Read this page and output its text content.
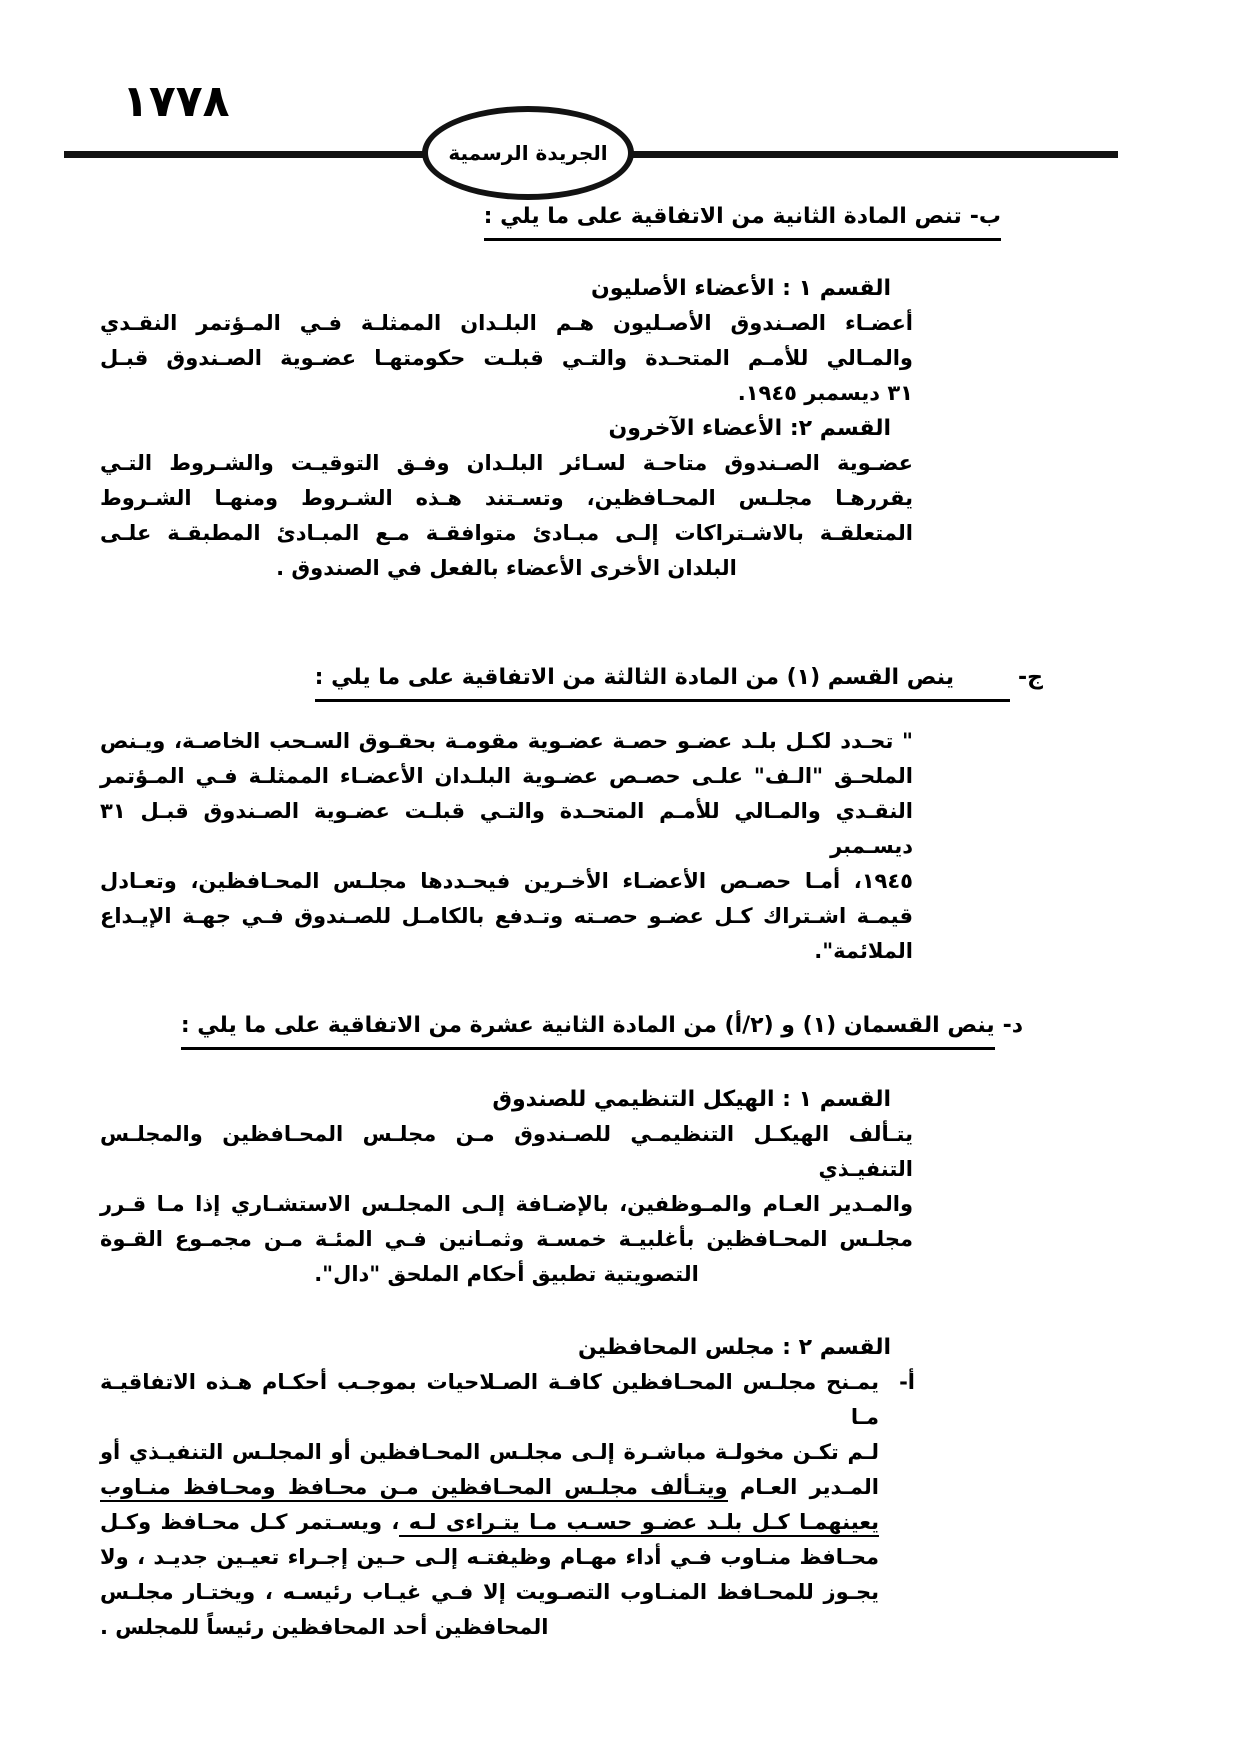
١٧٧٨
الجريدة الرسمية
ب-تنص المادة الثانية من الاتفاقية على ما يلي :
القسم ١ : الأعضاء الأصليون
أعضـاء الصـندوق الأصـليون هـم البلـدان الممثلـة فـي المـؤتمر النقـدي
والمـالي للأمـم المتحـدة والتـي قبلـت حكومتهـا عضـوية الصـندوق قبـل
٣١ ديسمبر ١٩٤٥.
القسم ٢: الأعضاء الآخرون
عضـوية الصـندوق متاحـة لسـائر البلـدان وفـق التوقيـت والشـروط التـي
يقررهـا مجلـس المحـافظين، وتسـتند هـذه الشـروط ومنهـا الشـروط
المتعلقـة بالاشـتراكات إلـى مبـادئ متوافقـة مـع المبـادئ المطبقـة علـى
البلدان الأخرى الأعضاء بالفعل في الصندوق .
ج-ينص القسم (١) من المادة الثالثة من الاتفاقية على ما يلي :
" تحـدد لكـل بلـد عضـو حصـة عضـوية مقومـة بحقـوق السـحب الخاصـة، ويـنص
الملحـق "الـف" علـى حصـص عضـوية البلـدان الأعضـاء الممثلـة فـي المـؤتمر
النقـدي والمـالي للأمـم المتحـدة والتـي قبلـت عضـوية الصـندوق قبـل ٣١ ديسـمبر
١٩٤٥، أمـا حصـص الأعضـاء الأخـرين فيحـددها مجلـس المحـافظين، وتعـادل
قيمـة اشـتراك كـل عضـو حصـته وتـدفع بالكامـل للصـندوق فـي جهـة الإيـداع
الملائمة".
د-ينص القسمان (١) و (٢/أ) من المادة الثانية عشرة من الاتفاقية على ما يلي :
القسم ١ : الهيكل التنظيمي للصندوق
يتـألف الهيكـل التنظيمـي للصـندوق مـن مجلـس المحـافظين والمجلـس التنفيـذي
والمـدير العـام والمـوظفين، بالإضـافة إلـى المجلـس الاستشـاري إذا مـا قـرر
مجلـس المحـافظين بأغلبيـة خمسـة وثمـانين فـي المئـة مـن مجمـوع القـوة
التصويتية تطبيق أحكام الملحق "دال".
القسم ٢ : مجلس المحافظين
أ-
يمـنح مجلـس المحـافظين كافـة الصـلاحيات بموجـب أحكـام هـذه الاتفاقيـة مـا
لـم تكـن مخولـة مباشـرة إلـى مجلـس المحـافظين أو المجلـس التنفيـذي أو
المـدير العـام ويتـألف مجلـس المحـافظين مـن محـافظ ومحـافظ منـاوب
يعينهمـا كـل بلـد عضـو حسـب مـا يتـراءى لـه ، ويسـتمر كـل محـافظ وكـل
محـافظ منـاوب فـي أداء مهـام وظيفتـه إلـى حـين إجـراء تعيـين جديـد ، ولا
يجـوز للمحـافظ المنـاوب التصـويت إلا فـي غيـاب رئيسـه ، ويختـار مجلـس
المحافظين أحد المحافظين رئيساً للمجلس .
